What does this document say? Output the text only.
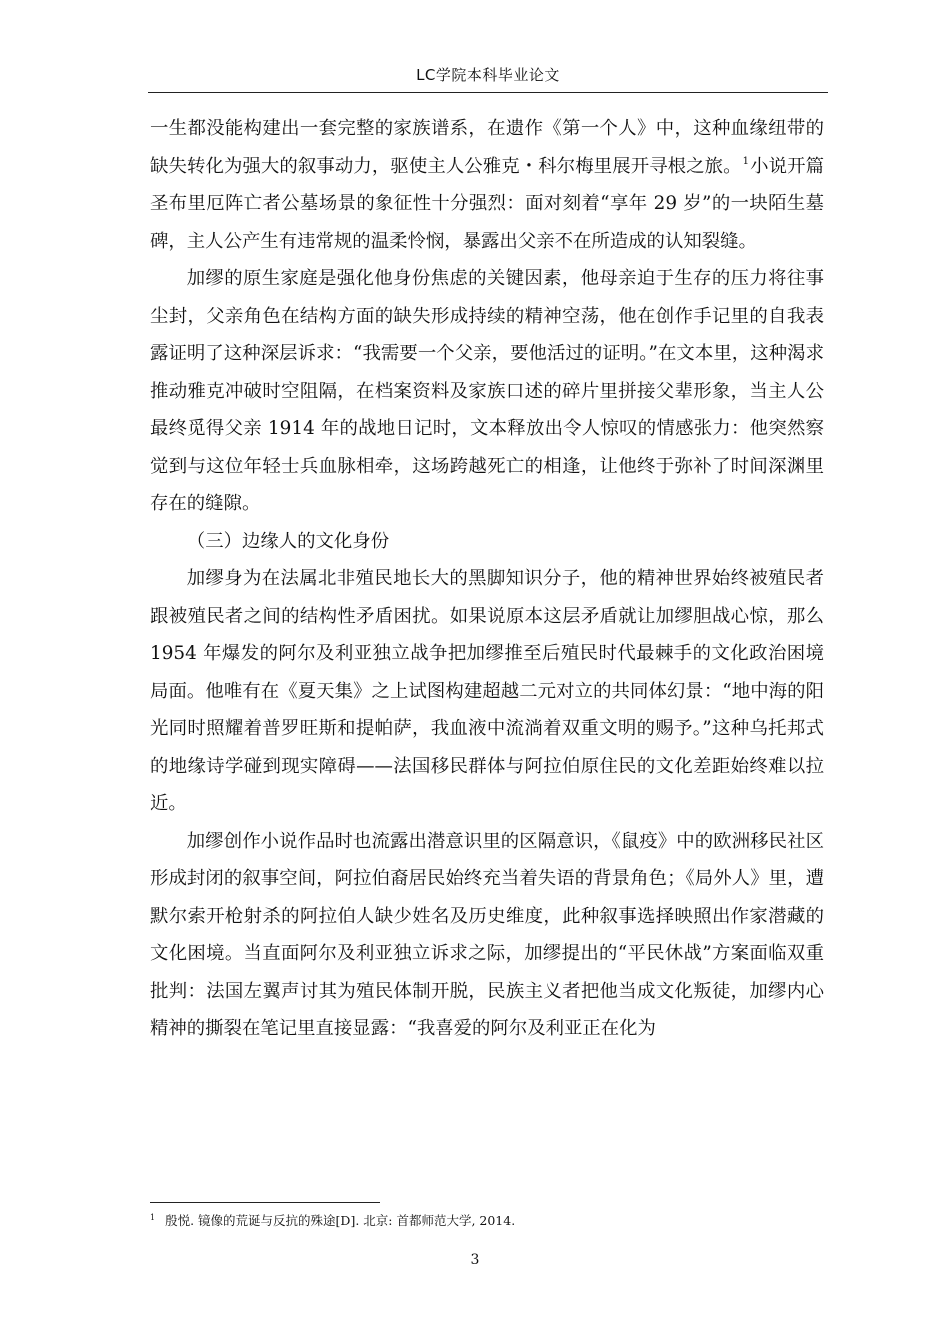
LC学院本科毕业论文

一生都没能构建出一套完整的家族谱系，在遗作《第一个人》中，这种血缘纽带的缺失转化为强大的叙事动力，驱使主人公雅克・科尔梅里展开寻根之旅。$^1$小说开篇圣布里厄阵亡者公墓场景的象征性十分强烈：面对刻着“享年 29 岁”的一块陌生墓碑，主人公产生有违常规的温柔怜悯，暴露出父亲不在所造成的认知裂缝。

加缪的原生家庭是强化他身份焦虑的关键因素，他母亲迫于生存的压力将往事尘封，父亲角色在结构方面的缺失形成持续的精神空荡，他在创作手记里的自我表露证明了这种深层诉求：“我需要一个父亲，要他活过的证明。”在文本里，这种渴求推动雅克冲破时空阻隔，在档案资料及家族口述的碎片里拼接父辈形象，当主人公最终觅得父亲 1914 年的战地日记时，文本释放出令人惊叹的情感张力：他突然察觉到与这位年轻士兵血脉相牵，这场跨越死亡的相逢，让他终于弥补了时间深渊里存在的缝隙。

（三）边缘人的文化身份

加缪身为在法属北非殖民地长大的黑脚知识分子，他的精神世界始终被殖民者跟被殖民者之间的结构性矛盾困扰。如果说原本这层矛盾就让加缪胆战心惊，那么 1954 年爆发的阿尔及利亚独立战争把加缪推至后殖民时代最棘手的文化政治困境局面。他唯有在《夏天集》之上试图构建超越二元对立的共同体幻景：“地中海的阳光同时照耀着普罗旺斯和提帕萨，我血液中流淌着双重文明的赐予。”这种乌托邦式的地缘诗学碰到现实障碍——法国移民群体与阿拉伯原住民的文化差距始终难以拉近。

加缪创作小说作品时也流露出潜意识里的区隔意识，《鼠疫》中的欧洲移民社区形成封闭的叙事空间，阿拉伯裔居民始终充当着失语的背景角色；《局外人》里，遭默尔索开枪射杀的阿拉伯人缺少姓名及历史维度，此种叙事选择映照出作家潜藏的文化困境。当直面阿尔及利亚独立诉求之际，加缪提出的“平民休战”方案面临双重批判：法国左翼声讨其为殖民体制开脱，民族主义者把他当成文化叛徒，加缪内心精神的撕裂在笔记里直接显露：“我喜爱的阿尔及利亚正在化为

$^1$ 殷悦. 镜像的荒诞与反抗的殊途[D]. 北京: 首都师范大学, 2014.
3
